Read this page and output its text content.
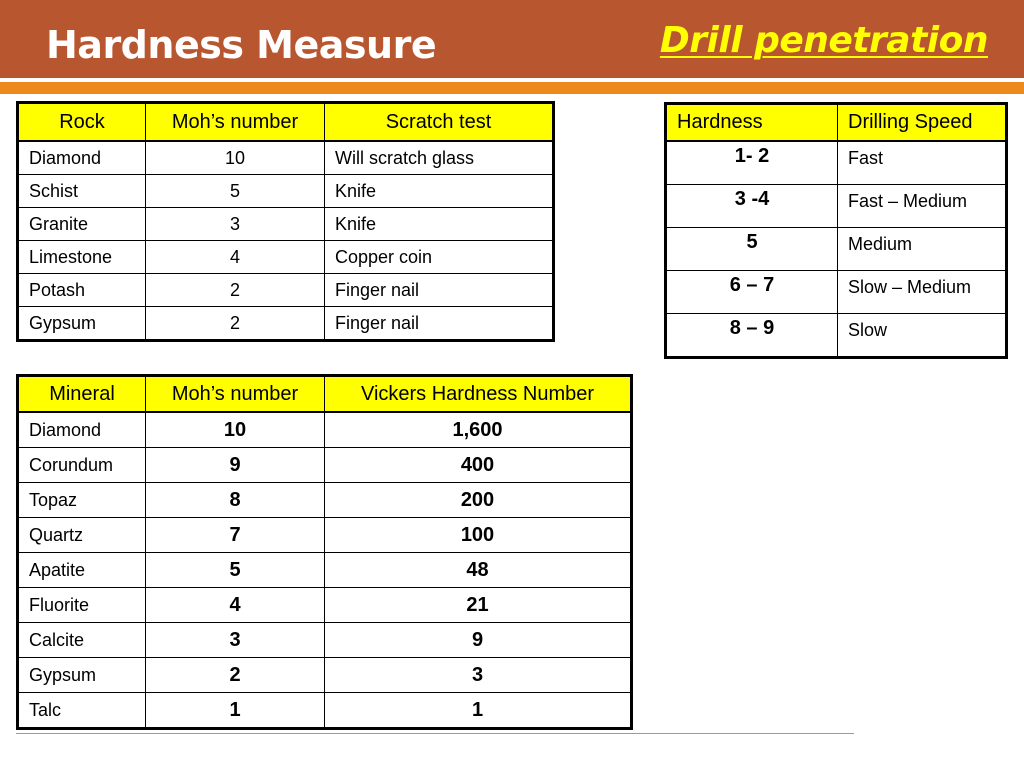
Hardness Measure	Drill penetration
Rock	Moh’s number	Scratch test
Diamond	10	Will scratch glass
Schist	5	Knife
Granite	3	Knife
Limestone	4	Copper coin
Potash	2	Finger nail
Gypsum	2	Finger nail
Hardness	Drilling Speed
1- 2	Fast
3 -4	Fast – Medium
5	Medium
6 – 7	Slow – Medium
8 – 9	Slow
Mineral	Moh’s number	Vickers Hardness Number
Diamond	10	1,600
Corundum	9	400
Topaz	8	200
Quartz	7	100
Apatite	5	48
Fluorite	4	21
Calcite	3	9
Gypsum	2	3
Talc	1	1
